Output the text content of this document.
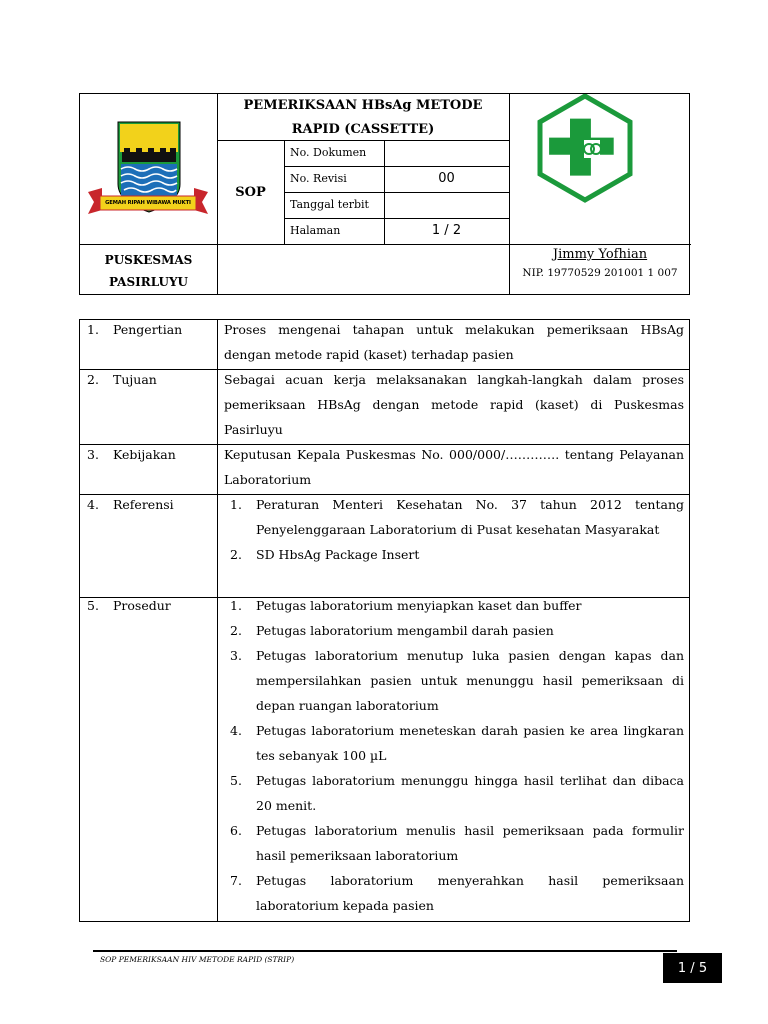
GEMAH RIPAH WIBAWA MUKTI
PEMERIKSAAN HBsAg METODE
RAPID (CASSETTE)
SOP
No. Dokumen
No. Revisi	00
Tanggal terbit
Halaman	1 / 2
PUSKESMAS
PASIRLUYU
Jimmy Yofhian
NIP. 19770529 201001 1 007
1. Pengertian	Proses mengenai tahapan untuk melakukan pemeriksaan HBsAg dengan metode rapid (kaset) terhadap pasien
2. Tujuan	Sebagai acuan kerja melaksanakan langkah-langkah dalam proses pemeriksaan HBsAg dengan metode rapid (kaset) di Puskesmas Pasirluyu
3. Kebijakan	Keputusan Kepala Puskesmas No. 000/000/…………. tentang Pelayanan Laboratorium
4. Referensi	1. Peraturan Menteri Kesehatan No. 37 tahun 2012 tentang Penyelenggaraan Laboratorium di Pusat kesehatan Masyarakat
2. SD HbsAg Package Insert
5. Prosedur	1. Petugas laboratorium menyiapkan kaset dan buffer
2. Petugas laboratorium mengambil darah pasien
3. Petugas laboratorium menutup luka pasien dengan kapas dan mempersilahkan pasien untuk menunggu hasil pemeriksaan di depan ruangan laboratorium
4. Petugas laboratorium meneteskan darah pasien ke area lingkaran tes sebanyak 100 µL
5. Petugas laboratorium menunggu hingga hasil terlihat dan dibaca 20 menit.
6. Petugas laboratorium menulis hasil pemeriksaan pada formulir hasil pemeriksaan laboratorium
7. Petugas laboratorium menyerahkan hasil pemeriksaan laboratorium kepada pasien
SOP PEMERIKSAAN HIV METODE RAPID (STRIP)
1 / 5
